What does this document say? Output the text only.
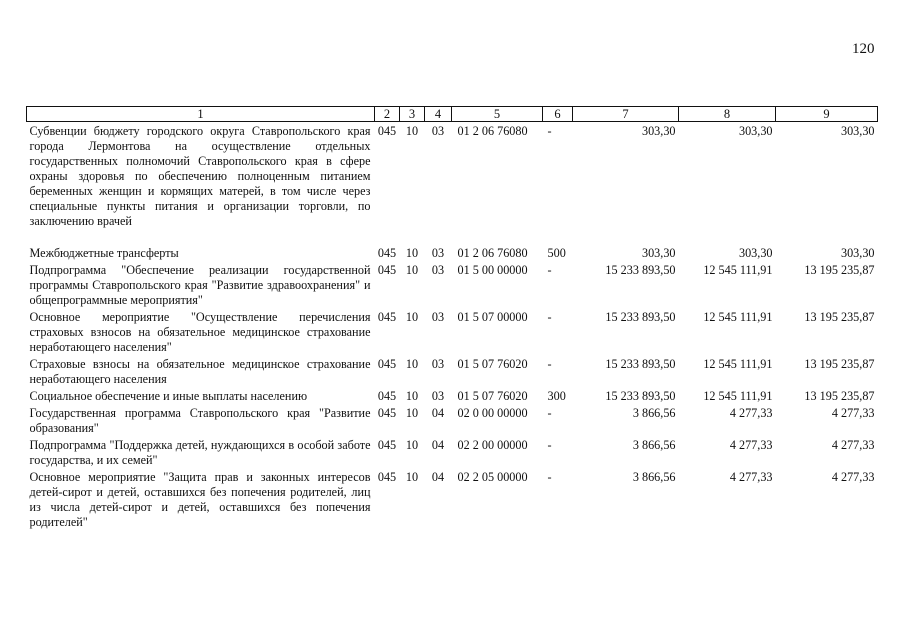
120
1	2	3	4	5	6	7	8	9
Субвенции бюджету городского округа Ставропольского края города Лермонтова на осуществление отдельных государственных полномочий Ставропольского края в сфере охраны здоровья по обеспечению полноценным питанием беременных женщин и кормящих матерей, в том числе через специальные пункты питания и организации торговли, по заключению врачей	045	10	03	01 2 06 76080	-	303,30	303,30	303,30
Межбюджетные трансферты	045	10	03	01 2 06 76080	500	303,30	303,30	303,30
Подпрограмма "Обеспечение реализации государственной программы Ставропольского края "Развитие здравоохранения" и общепрограммные мероприятия"	045	10	03	01 5 00 00000	-	15 233 893,50	12 545 111,91	13 195 235,87
Основное мероприятие "Осуществление перечисления страховых взносов на обязательное медицинское страхование неработающего населения"	045	10	03	01 5 07 00000	-	15 233 893,50	12 545 111,91	13 195 235,87
Страховые взносы на обязательное медицинское страхование неработающего населения	045	10	03	01 5 07 76020	-	15 233 893,50	12 545 111,91	13 195 235,87
Социальное обеспечение и иные выплаты населению	045	10	03	01 5 07 76020	300	15 233 893,50	12 545 111,91	13 195 235,87
Государственная программа Ставропольского края "Развитие образования"	045	10	04	02 0 00 00000	-	3 866,56	4 277,33	4 277,33
Подпрограмма "Поддержка детей, нуждающихся в особой заботе государства, и их семей"	045	10	04	02 2 00 00000	-	3 866,56	4 277,33	4 277,33
Основное мероприятие "Защита прав и законных интересов детей-сирот и детей, оставшихся без попечения родителей, лиц из числа детей-сирот и детей, оставшихся без попечения родителей"	045	10	04	02 2 05 00000	-	3 866,56	4 277,33	4 277,33
